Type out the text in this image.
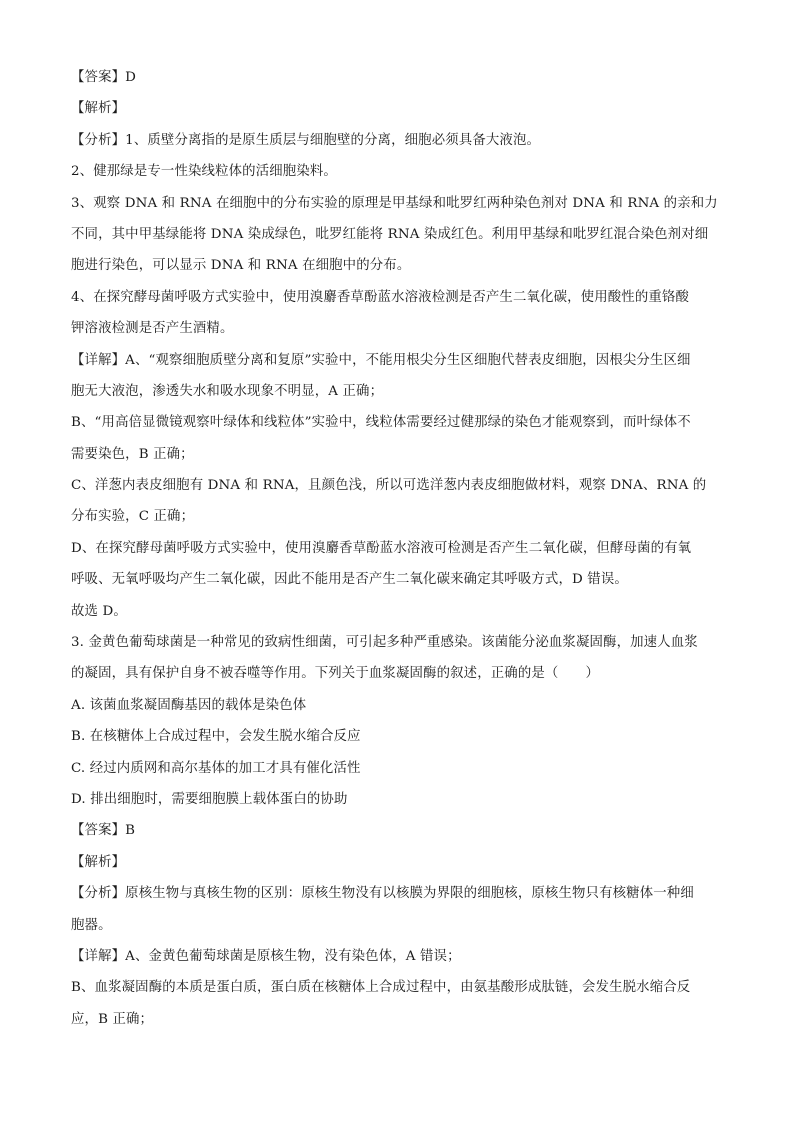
【答案】D

【解析】

【分析】1、质壁分离指的是原生质层与细胞壁的分离，细胞必须具备大液泡。

2、健那绿是专一性染线粒体的活细胞染料。

3、观察 DNA 和 RNA 在细胞中的分布实验的原理是甲基绿和吡罗红两种染色剂对 DNA 和 RNA 的亲和力

不同，其中甲基绿能将 DNA 染成绿色，吡罗红能将 RNA 染成红色。利用甲基绿和吡罗红混合染色剂对细

胞进行染色，可以显示 DNA 和 RNA 在细胞中的分布。

4、在探究酵母菌呼吸方式实验中，使用溴麝香草酚蓝水溶液检测是否产生二氧化碳，使用酸性的重铬酸

钾溶液检测是否产生酒精。

【详解】A、“观察细胞质壁分离和复原”实验中，不能用根尖分生区细胞代替表皮细胞，因根尖分生区细

胞无大液泡，渗透失水和吸水现象不明显，A 正确；

B、“用高倍显微镜观察叶绿体和线粒体”实验中，线粒体需要经过健那绿的染色才能观察到，而叶绿体不

需要染色，B 正确；

C、洋葱内表皮细胞有 DNA 和 RNA，且颜色浅，所以可选洋葱内表皮细胞做材料，观察 DNA、RNA 的

分布实验，C 正确；

D、在探究酵母菌呼吸方式实验中，使用溴麝香草酚蓝水溶液可检测是否产生二氧化碳，但酵母菌的有氧

呼吸、无氧呼吸均产生二氧化碳，因此不能用是否产生二氧化碳来确定其呼吸方式，D 错误。

故选 D。

3. 金黄色葡萄球菌是一种常见的致病性细菌，可引起多种严重感染。该菌能分泌血浆凝固酶，加速人血浆

的凝固，具有保护自身不被吞噬等作用。下列关于血浆凝固酶的叙述，正确的是（　　）

A. 该菌血浆凝固酶基因的载体是染色体

B. 在核糖体上合成过程中，会发生脱水缩合反应

C. 经过内质网和高尔基体的加工才具有催化活性

D. 排出细胞时，需要细胞膜上载体蛋白的协助

【答案】B

【解析】

【分析】原核生物与真核生物的区别：原核生物没有以核膜为界限的细胞核，原核生物只有核糖体一种细

胞器。

【详解】A、金黄色葡萄球菌是原核生物，没有染色体，A 错误；

B、血浆凝固酶的本质是蛋白质，蛋白质在核糖体上合成过程中，由氨基酸形成肽链，会发生脱水缩合反

应，B 正确；
